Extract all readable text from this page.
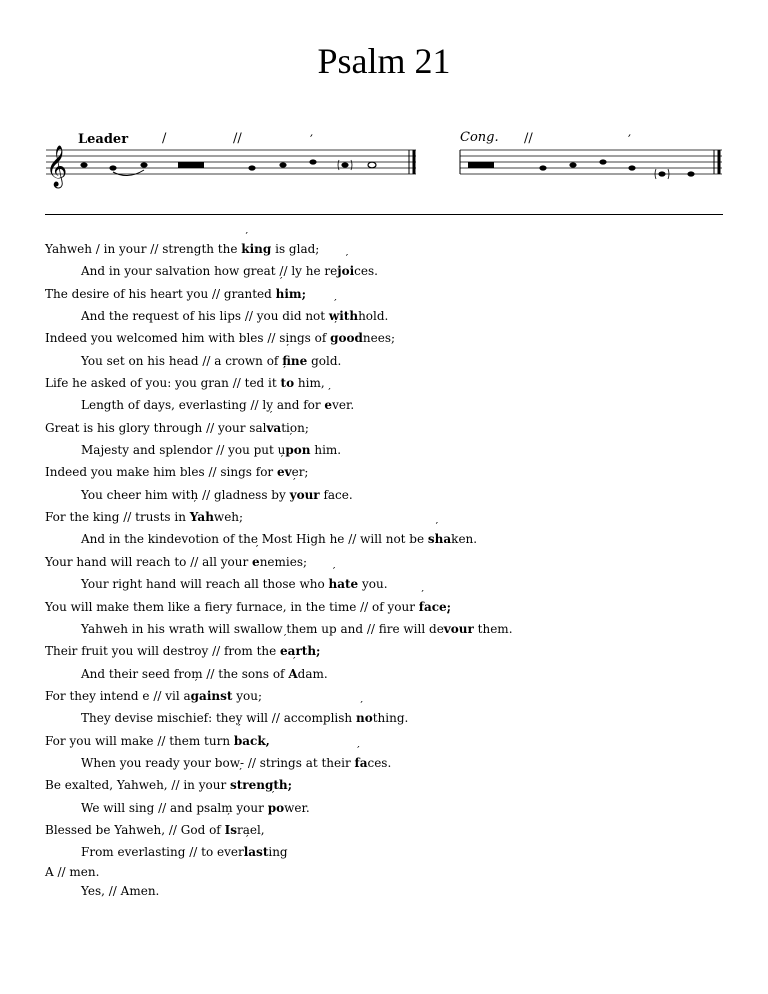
Psalm 21
Leader	/	//	′
𝄞
Cong. //	′
Yahweh / in your // strength the ′ king is glad;
And in your salvation how great // ly he re′ joices.
The desire of his heart you // granted ′ him;
And the request of his lips // you did not ′ withhold.
Indeed you welcomed him with bles // sings of ′ goodnees;
You set on his head // a crown of ′ fine gold.
Life he asked of you: you gran // ted it ′ to him,
Length of days, everlasting // ly and for ′ ever.
Great is his glory through // your sal′ vation;
Majesty and splendor // you put u′ pon him.
Indeed you make him bles // sings for ′ ever;
You cheer him with // gladness by ′ your face.
For the king // trusts in ′ Yahweh;
And in the kindevotion of the Most High he // will not be ′ shaken.
Your hand will reach to // all your ′ enemies;
Your right hand will reach all those who ′ hate you.
You will make them like a fiery furnace, in the time // of your ′ face;
Yahweh in his wrath will swallow them up and // fire will de′ vour them.
Their fruit you will destroy // from the ′ earth;
And their seed from // the sons of ′ Adam.
For they intend e // vil a′ gainst you;
They devise mischief: they will // accomplish ′ nothing.
For you will make // them turn ′ back,
When you ready your bow- // strings at their ′ faces.
Be exalted, Yahweh, // in your ′ strength;
We will sing // and psalm your ′ power.
Blessed be Yahweh, // God of ′ Israel,
From everlasting // to ever′ lasting
A // men.
Yes, // Amen.
